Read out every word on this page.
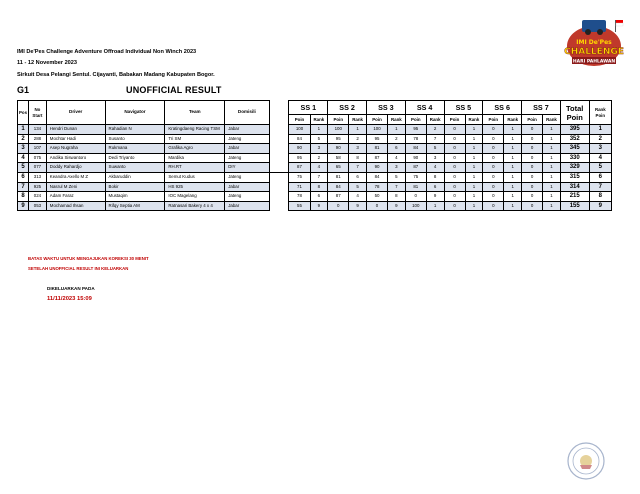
IMI De'Pes Challenge Adventure Offroad Individual Non Winch 2023
11 - 12 November 2023
Sirkuit Desa Pelangi Sentul. Cijayanti, Babakan Madang Kabupaten Bogor.
G1	UNOFFICIAL RESULT
IMI De'Pes
CHALLENGE
HARI PAHLAWAN
Pos	No Start	Driver	Navigator	Team	Domisili		SS 1		SS 2		SS 3		SS 4		SS 5		SS 6		SS 7		Total Poin	Rank Poin
							Poin	Rank	Poin	Rank	Poin	Rank	Poin	Rank	Poin	Rank	Poin	Rank	Poin	Rank		
1	134	Hendri Dunan	Rahadian N	Kratingdaeng Racing TSM	Jabar		100	1	100	1	100	1	95	2	0	1	0	1	0	1	395	1
2	288	Mochtar Hadi	Susanto	Tri SM	Jateng		84	5	95	2	95	2	78	7	0	1	0	1	0	1	352	2
3	107	Asep Nugraha	Rukmana	Grafika Agro	Jabar		90	3	90	3	81	6	84	5	0	1	0	1	0	1	345	3
4	075	Andika Siswantoro	Dedi Triyanto	Mardika	Jateng		95	2	58	8	87	4	90	3	0	1	0	1	0	1	330	4
5	077	Doddy Rahardjo	Suwanto	RH.RT	DIY		87	4	65	7	90	3	87	4	0	1	0	1	0	1	329	5
6	313	Keandra Axello M Z	Akbaruddin	Semut Kudus	Jateng		75	7	81	6	84	5	75	8	0	1	0	1	0	1	315	6
7	925	Nasrul M Zeni	Bokir	HS 925	Jabar		71	8	84	5	78	7	81	6	0	1	0	1	0	1	314	7
8	024	Adam Faraz	Mustaqim	IOC Magelang	Jateng		78	6	87	4	50	8	0	9	0	1	0	1	0	1	215	8
9	053	Mochamad Ihsan	Rifqy Septia AM	Ratnasari Bakery 4 x 4	Jabar		55	9	0	9	0	9	100	1	0	1	0	1	0	1	155	9
BATAS WAKTU UNTUK MENGAJUKAN KOREKSI 30 MENIT
SETELAH UNOFFICIAL RESULT INI KELUARKAN
DIKELUARKAN PADA
11/11/2023 15:09
